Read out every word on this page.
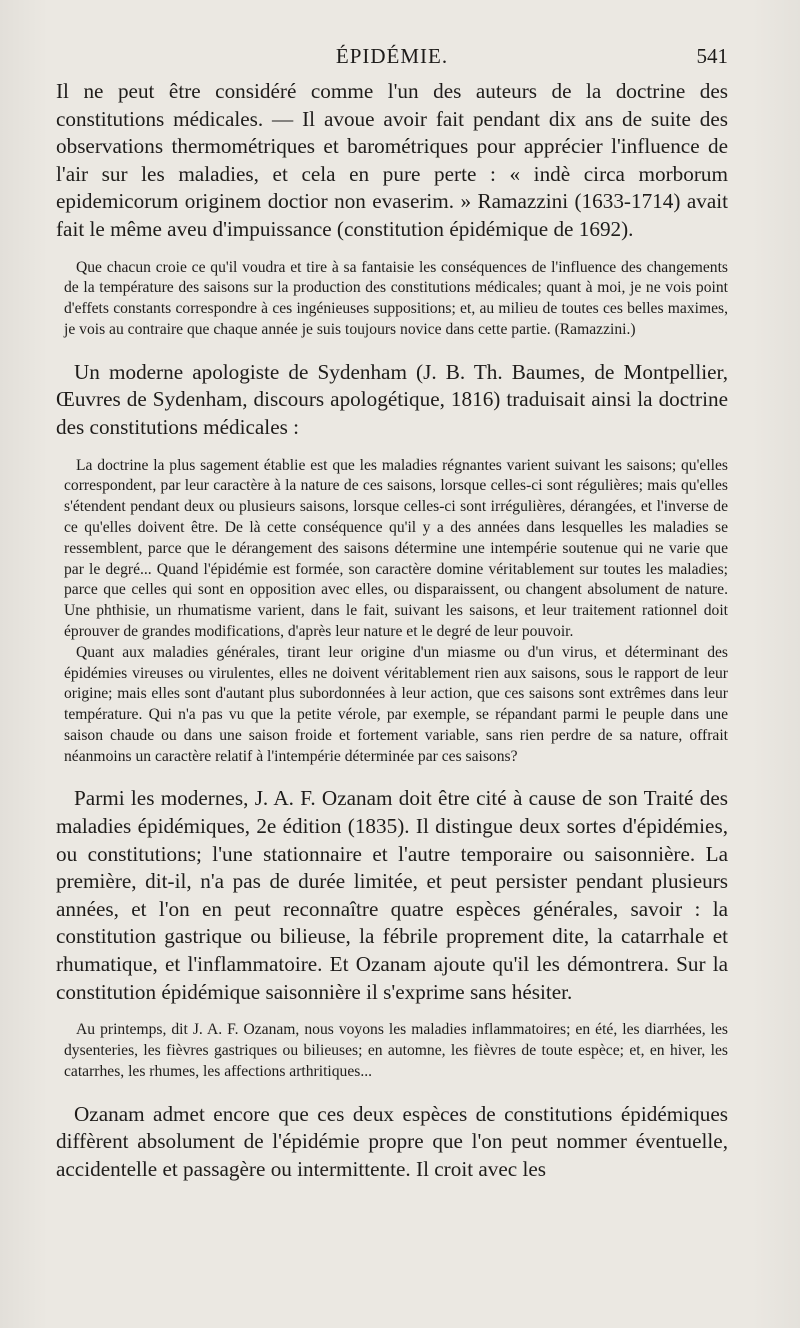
ÉPIDÉMIE.	541

Il ne peut être considéré comme l'un des auteurs de la doctrine des constitutions médicales. — Il avoue avoir fait pendant dix ans de suite des observations thermométriques et barométriques pour apprécier l'influence de l'air sur les maladies, et cela en pure perte : « indè circa morborum epidemicorum originem doctior non evaserim. » Ramazzini (1633-1714) avait fait le même aveu d'impuissance (constitution épidémique de 1692).

Que chacun croie ce qu'il voudra et tire à sa fantaisie les conséquences de l'influence des changements de la température des saisons sur la production des constitutions médicales; quant à moi, je ne vois point d'effets constants correspondre à ces ingénieuses suppositions; et, au milieu de toutes ces belles maximes, je vois au contraire que chaque année je suis toujours novice dans cette partie. (Ramazzini.)

Un moderne apologiste de Sydenham (J. B. Th. Baumes, de Montpellier, Œuvres de Sydenham, discours apologétique, 1816) traduisait ainsi la doctrine des constitutions médicales :

La doctrine la plus sagement établie est que les maladies régnantes varient suivant les saisons; qu'elles correspondent, par leur caractère à la nature de ces saisons, lorsque celles-ci sont régulières; mais qu'elles s'étendent pendant deux ou plusieurs saisons, lorsque celles-ci sont irrégulières, dérangées, et l'inverse de ce qu'elles doivent être. De là cette conséquence qu'il y a des années dans lesquelles les maladies se ressemblent, parce que le dérangement des saisons détermine une intempérie soutenue qui ne varie que par le degré... Quand l'épidémie est formée, son caractère domine véritablement sur toutes les maladies; parce que celles qui sont en opposition avec elles, ou disparaissent, ou changent absolument de nature. Une phthisie, un rhumatisme varient, dans le fait, suivant les saisons, et leur traitement rationnel doit éprouver de grandes modifications, d'après leur nature et le degré de leur pouvoir.

Quant aux maladies générales, tirant leur origine d'un miasme ou d'un virus, et déterminant des épidémies vireuses ou virulentes, elles ne doivent véritablement rien aux saisons, sous le rapport de leur origine; mais elles sont d'autant plus subordonnées à leur action, que ces saisons sont extrêmes dans leur température. Qui n'a pas vu que la petite vérole, par exemple, se répandant parmi le peuple dans une saison chaude ou dans une saison froide et fortement variable, sans rien perdre de sa nature, offrait néanmoins un caractère relatif à l'intempérie déterminée par ces saisons?

Parmi les modernes, J. A. F. Ozanam doit être cité à cause de son Traité des maladies épidémiques, 2e édition (1835). Il distingue deux sortes d'épidémies, ou constitutions; l'une stationnaire et l'autre temporaire ou saisonnière. La première, dit-il, n'a pas de durée limitée, et peut persister pendant plusieurs années, et l'on en peut reconnaître quatre espèces générales, savoir : la constitution gastrique ou bilieuse, la fébrile proprement dite, la catarrhale et rhumatique, et l'inflammatoire. Et Ozanam ajoute qu'il les démontrera. Sur la constitution épidémique saisonnière il s'exprime sans hésiter.

Au printemps, dit J. A. F. Ozanam, nous voyons les maladies inflammatoires; en été, les diarrhées, les dysenteries, les fièvres gastriques ou bilieuses; en automne, les fièvres de toute espèce; et, en hiver, les catarrhes, les rhumes, les affections arthritiques...

Ozanam admet encore que ces deux espèces de constitutions épidémiques diffèrent absolument de l'épidémie propre que l'on peut nommer éventuelle, accidentelle et passagère ou intermittente. Il croit avec les
